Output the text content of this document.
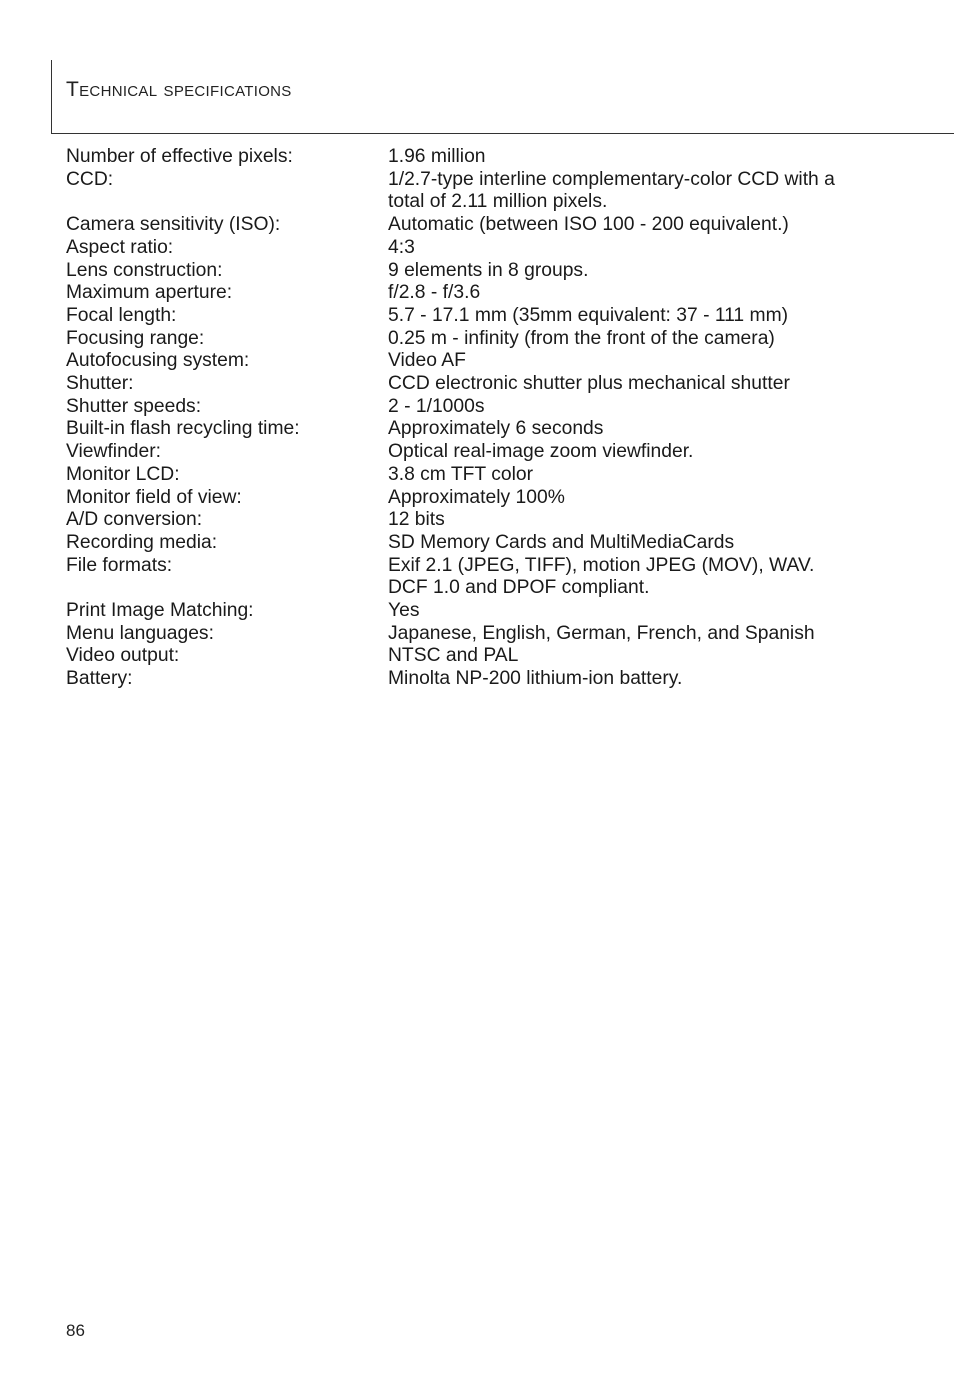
Technical specifications
Number of effective pixels:	1.96 million
CCD:	1/2.7-type interline complementary-color CCD with a
total of 2.11 million pixels.
Camera sensitivity (ISO):	Automatic (between ISO 100 - 200 equivalent.)
Aspect ratio:	4:3
Lens construction:	9 elements in 8 groups.
Maximum aperture:	f/2.8 - f/3.6
Focal length:	5.7 - 17.1 mm (35mm equivalent: 37 - 111 mm)
Focusing range:	0.25 m - infinity (from the front of the camera)
Autofocusing system:	Video AF
Shutter:	CCD electronic shutter plus mechanical shutter
Shutter speeds:	2 - 1/1000s
Built-in flash recycling time:	Approximately 6 seconds
Viewfinder:	Optical real-image zoom viewfinder.
Monitor LCD:	3.8 cm TFT color
Monitor field of view:	Approximately 100%
A/D conversion:	12 bits
Recording media:	SD Memory Cards and MultiMediaCards
File formats:	Exif 2.1 (JPEG, TIFF), motion JPEG (MOV), WAV.
DCF 1.0 and DPOF compliant.
Print Image Matching:	Yes
Menu languages:	Japanese, English, German, French, and Spanish
Video output:	NTSC and PAL
Battery:	Minolta NP-200 lithium-ion battery.
86
